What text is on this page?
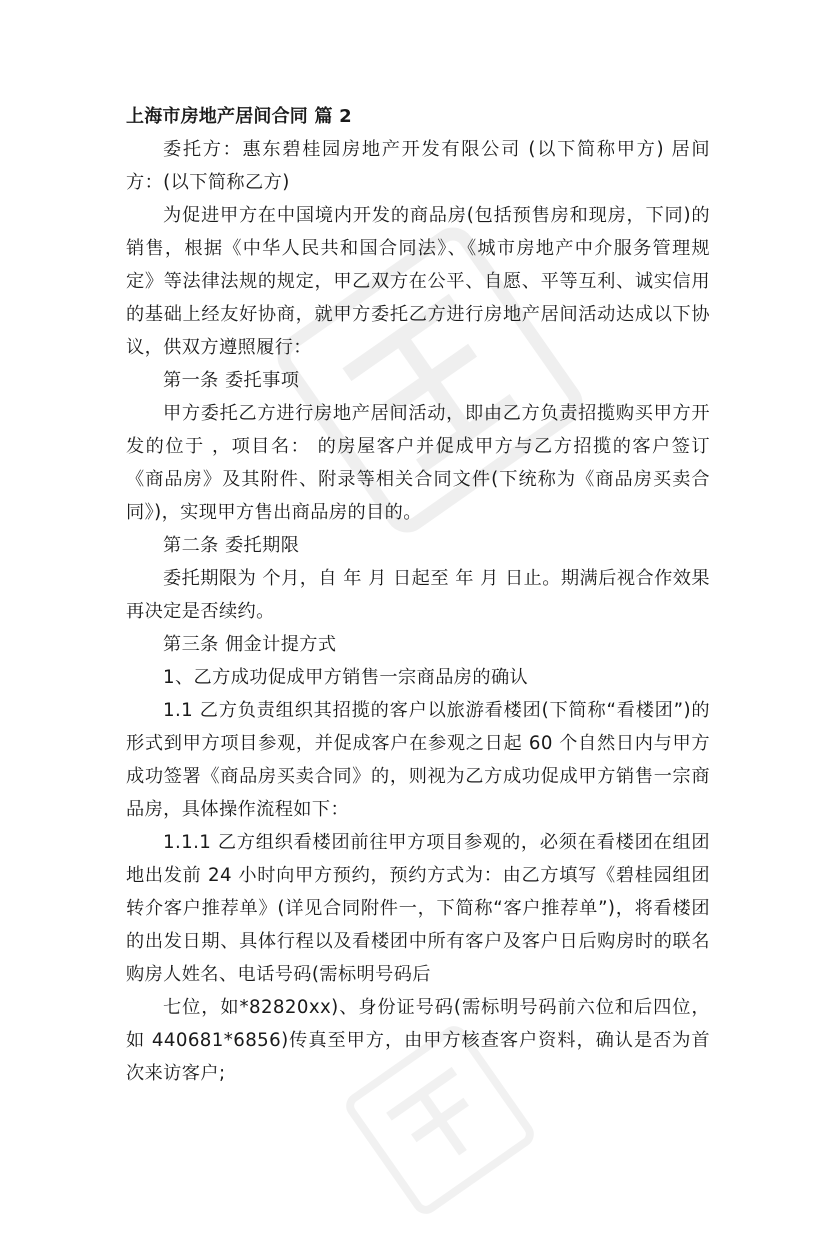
上海市房地产居间合同 篇 2

委托方：惠东碧桂园房地产开发有限公司 (以下简称甲方) 居间方：(以下简称乙方)

为促进甲方在中国境内开发的商品房(包括预售房和现房，下同)的销售，根据《中华人民共和国合同法》、《城市房地产中介服务管理规定》等法律法规的规定，甲乙双方在公平、自愿、平等互利、诚实信用的基础上经友好协商，就甲方委托乙方进行房地产居间活动达成以下协议，供双方遵照履行：

第一条 委托事项

甲方委托乙方进行房地产居间活动，即由乙方负责招揽购买甲方开发的位于 ，项目名： 的房屋客户并促成甲方与乙方招揽的客户签订《商品房》及其附件、附录等相关合同文件(下统称为《商品房买卖合同》)，实现甲方售出商品房的目的。

第二条 委托期限

委托期限为 个月，自 年 月 日起至 年 月 日止。期满后视合作效果再决定是否续约。

第三条 佣金计提方式

1、乙方成功促成甲方销售一宗商品房的确认

1.1 乙方负责组织其招揽的客户以旅游看楼团(下简称“看楼团”)的形式到甲方项目参观，并促成客户在参观之日起 60 个自然日内与甲方成功签署《商品房买卖合同》的，则视为乙方成功促成甲方销售一宗商品房，具体操作流程如下：

1.1.1 乙方组织看楼团前往甲方项目参观的，必须在看楼团在组团地出发前 24 小时向甲方预约，预约方式为：由乙方填写《碧桂园组团转介客户推荐单》(详见合同附件一，下简称“客户推荐单”)，将看楼团的出发日期、具体行程以及看楼团中所有客户及客户日后购房时的联名购房人姓名、电话号码(需标明号码后

七位，如*82820xx)、身份证号码(需标明号码前六位和后四位，如 440681*6856)传真至甲方，由甲方核查客户资料，确认是否为首次来访客户;
